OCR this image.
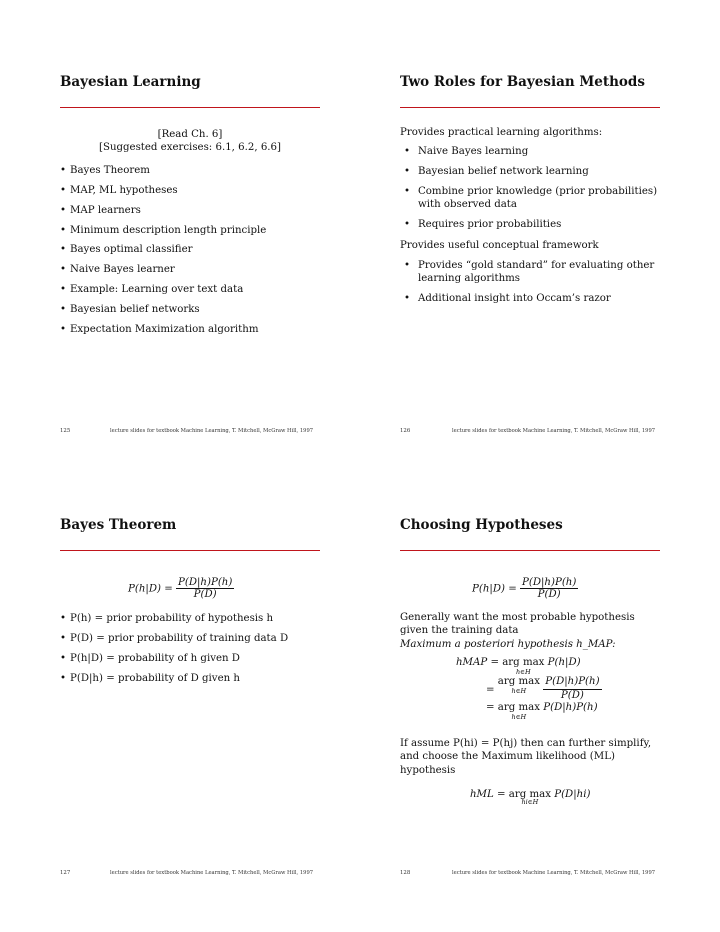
Bayesian Learning

[Read Ch. 6]

[Suggested exercises: 6.1, 6.2, 6.6]

• Bayes Theorem
• MAP, ML hypotheses
• MAP learners
• Minimum description length principle
• Bayes optimal classifier
• Naive Bayes learner
• Example: Learning over text data
• Bayesian belief networks
• Expectation Maximization algorithm
125	lecture slides for textbook Machine Learning, T. Mitchell, McGraw Hill, 1997
Two Roles for Bayesian Methods

Provides practical learning algorithms:

• Naive Bayes learning
• Bayesian belief network learning
• Combine prior knowledge (prior probabilities) with observed data
• Requires prior probabilities

Provides useful conceptual framework

• Provides “gold standard” for evaluating other learning algorithms
• Additional insight into Occam’s razor
126	lecture slides for textbook Machine Learning, T. Mitchell, McGraw Hill, 1997
Bayes Theorem
$P(h|D) = \frac{P(D|h)P(h)}{P(D)}$
• P(h) = prior probability of hypothesis h
• P(D) = prior probability of training data D
• P(h|D) = probability of h given D
• P(D|h) = probability of D given h
127	lecture slides for textbook Machine Learning, T. Mitchell, McGraw Hill, 1997
Choosing Hypotheses
$P(h|D) = \frac{P(D|h)P(h)}{P(D)}$

Generally want the most probable hypothesis given the training data

Maximum a posteriori hypothesis h_MAP:

hMAP = arg max
h∈H
P(h|D)
= arg max
h∈H
	$\frac{P(D|h)P(h)}{P(D)}$
= arg max
h∈H
P(D|h)P(h)

If assume P(hi) = P(hj) then can further simplify, and choose the Maximum likelihood (ML) hypothesis

hML = arg max
hi∈H
P(D|hi)
128	lecture slides for textbook Machine Learning, T. Mitchell, McGraw Hill, 1997
